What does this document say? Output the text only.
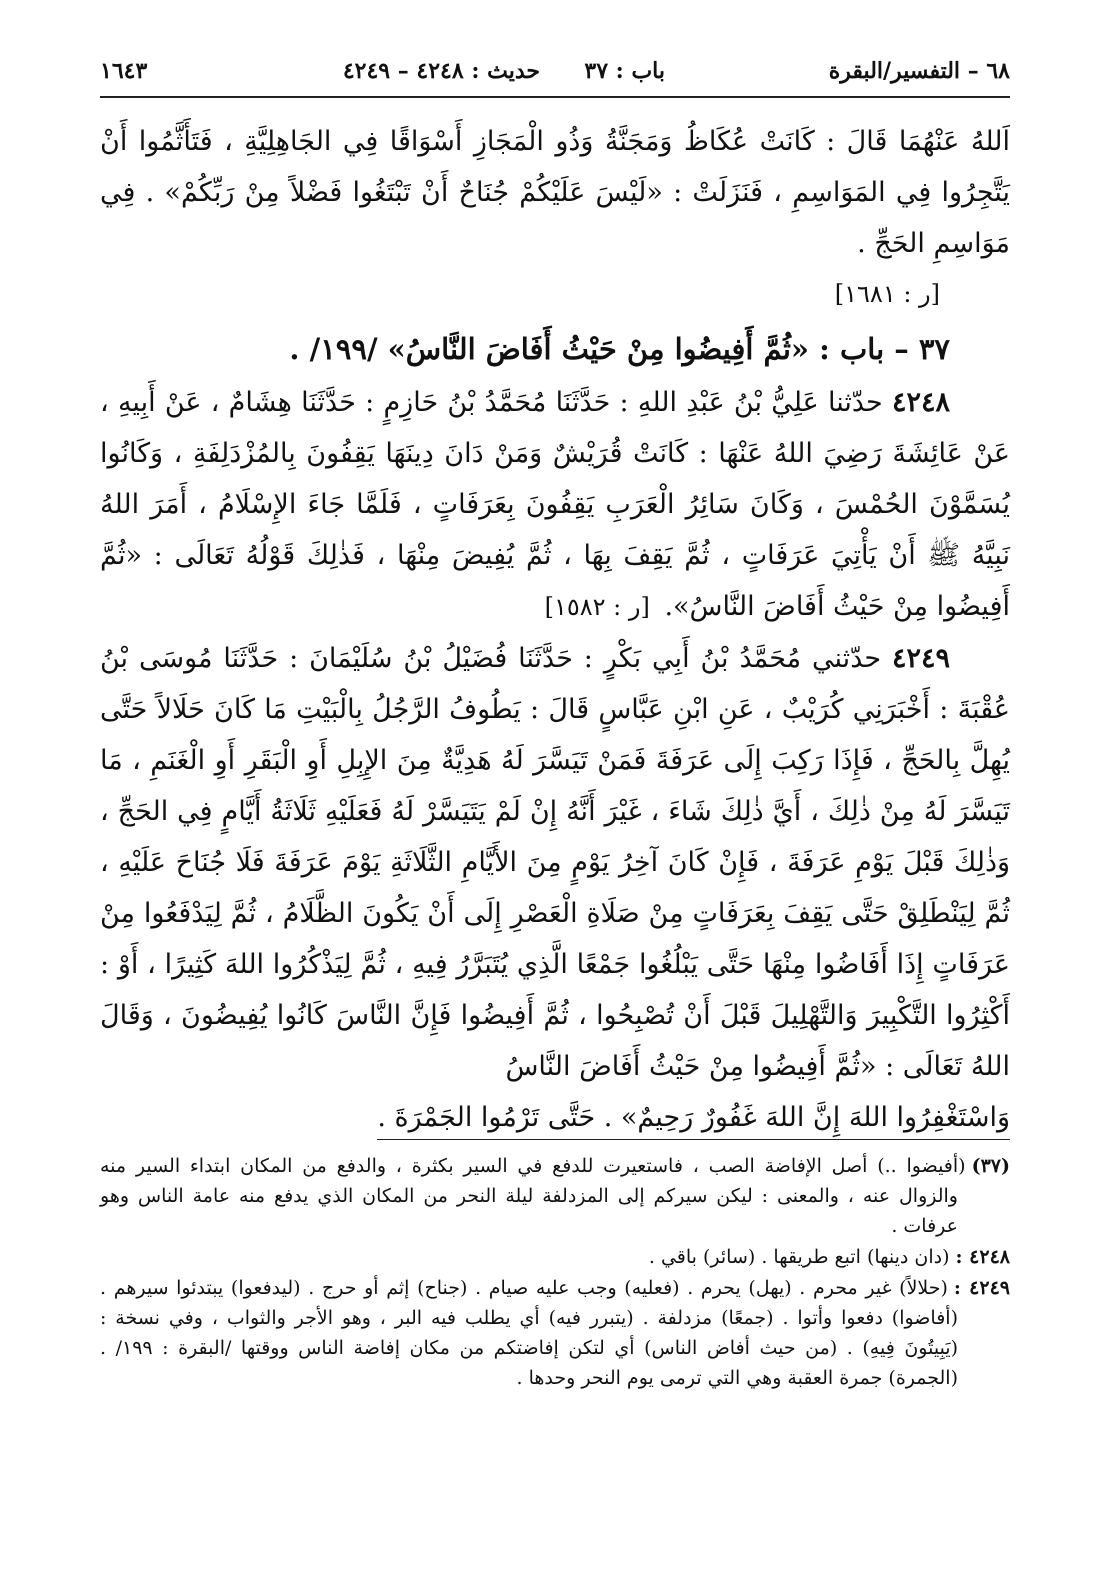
٦٨ – التفسير/البقرة
باب : ٣٧
حديث : ٤٢٤٨ – ٤٢٤٩
١٦٤٣

اَللهُ عَنْهُمَا قَالَ : كَانَتْ عُكَاظُ وَمَجَنَّةُ وَذُو الْمَجَازِ أَسْوَاقًا فِي الجَاهِلِيَّةِ ، فَتَأَثَّمُوا أَنْ يَتَّجِرُوا فِي المَوَاسِمِ ، فَنَزَلَتْ : «لَيْسَ عَلَيْكُمْ جُنَاحٌ أَنْ تَبْتَغُوا فَضْلاً مِنْ رَبِّكُمْ» . فِي مَوَاسِمِ الحَجِّ .

[ر : ١٦٨١]

٣٧ – باب : «ثُمَّ أَفِيضُوا مِنْ حَيْثُ أَفَاضَ النَّاسُ» /١٩٩/ .

٤٢٤٨ حدّثنا عَلِيُّ بْنُ عَبْدِ اللهِ : حَدَّثَنَا مُحَمَّدُ بْنُ حَازِمٍ : حَدَّثَنَا هِشَامٌ ، عَنْ أَبِيهِ ، عَنْ عَائِشَةَ رَضِيَ اللهُ عَنْهَا : كَانَتْ قُرَيْشٌ وَمَنْ دَانَ دِينَهَا يَقِفُونَ بِالمُزْدَلِفَةِ ، وَكَانُوا يُسَمَّوْنَ الحُمْسَ ، وَكَانَ سَائِرُ الْعَرَبِ يَقِفُونَ بِعَرَفَاتٍ ، فَلَمَّا جَاءَ الإِسْلَامُ ، أَمَرَ اللهُ نَبِيَّهُ ﷺ أَنْ يَأْتِيَ عَرَفَاتٍ ، ثُمَّ يَقِفَ بِهَا ، ثُمَّ يُفِيضَ مِنْهَا ، فَذٰلِكَ قَوْلُهُ تَعَالَى : «ثُمَّ أَفِيضُوا مِنْ حَيْثُ أَفَاضَ النَّاسُ». [ر : ١٥٨٢]

٤٢٤٩ حدّثني مُحَمَّدُ بْنُ أَبِي بَكْرٍ : حَدَّثَنَا فُضَيْلُ بْنُ سُلَيْمَانَ : حَدَّثَنَا مُوسَى بْنُ عُقْبَةَ : أَخْبَرَنِي كُرَيْبٌ ، عَنِ ابْنِ عَبَّاسٍ قَالَ : يَطُوفُ الرَّجُلُ بِالْبَيْتِ مَا كَانَ حَلَالاً حَتَّى يُهِلَّ بِالحَجِّ ، فَإِذَا رَكِبَ إِلَى عَرَفَةَ فَمَنْ تَيَسَّرَ لَهُ هَدِيَّةٌ مِنَ الإِبِلِ أَوِ الْبَقَرِ أَوِ الْغَنَمِ ، مَا تَيَسَّرَ لَهُ مِنْ ذٰلِكَ ، أَيَّ ذٰلِكَ شَاءَ ، غَيْرَ أَنَّهُ إِنْ لَمْ يَتَيَسَّرْ لَهُ فَعَلَيْهِ ثَلَاثَةُ أَيَّامٍ فِي الحَجِّ ، وَذٰلِكَ قَبْلَ يَوْمِ عَرَفَةَ ، فَإِنْ كَانَ آخِرُ يَوْمٍ مِنَ الأَيَّامِ الثَّلَاثَةِ يَوْمَ عَرَفَةَ فَلَا جُنَاحَ عَلَيْهِ ، ثُمَّ لِيَنْطَلِقْ حَتَّى يَقِفَ بِعَرَفَاتٍ مِنْ صَلَاةِ الْعَصْرِ إِلَى أَنْ يَكُونَ الظَّلَامُ ، ثُمَّ لِيَدْفَعُوا مِنْ عَرَفَاتٍ إِذَا أَفَاضُوا مِنْهَا حَتَّى يَبْلُغُوا جَمْعًا الَّذِي يُتَبَرَّرُ فِيهِ ، ثُمَّ لِيَذْكُرُوا اللهَ كَثِيرًا ، أَوْ : أَكْثِرُوا التَّكْبِيرَ وَالتَّهْلِيلَ قَبْلَ أَنْ تُصْبِحُوا ، ثُمَّ أَفِيضُوا فَإِنَّ النَّاسَ كَانُوا يُفِيضُونَ ، وَقَالَ اللهُ تَعَالَى : «ثُمَّ أَفِيضُوا مِنْ حَيْثُ أَفَاضَ النَّاسُ

وَاسْتَغْفِرُوا اللهَ إِنَّ اللهَ غَفُورٌ رَحِيمٌ» . حَتَّى تَرْمُوا الجَمْرَةَ .

(٣٧)(أفيضوا ..) أصل الإفاضة الصب ، فاستعيرت للدفع في السير بكثرة ، والدفع من المكان ابتداء السير منه والزوال عنه ، والمعنى : ليكن سيركم إلى المزدلفة ليلة النحر من المكان الذي يدفع منه عامة الناس وهو عرفات .

٤٢٤٨ :(دان دينها) اتبع طريقها . (سائر) باقي .

٤٢٤٩ :(حلالاً) غير محرم . (يهل) يحرم . (فعليه) وجب عليه صيام . (جناح) إثم أو حرج . (ليدفعوا) يبتدئوا سيرهم . (أفاضوا) دفعوا وأتوا . (جمعًا) مزدلفة . (يتبرر فيه) أي يطلب فيه البر ، وهو الأجر والثواب ، وفي نسخة : (يَبِيتُونَ فِيهِ) . (من حيث أفاض الناس) أي لتكن إفاضتكم من مكان إفاضة الناس ووقتها /البقرة : ١٩٩/ . (الجمرة) جمرة العقبة وهي التي ترمى يوم النحر وحدها .
